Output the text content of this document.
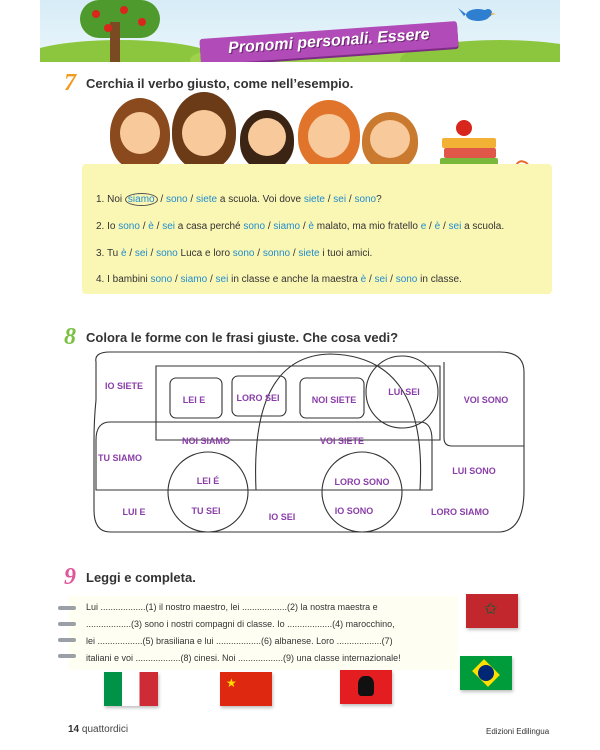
Pronomi personali. Essere
7 Cerchia il verbo giusto, come nell’esempio.
1. Noi siamo / sono / siete a scuola. Voi dove siete / sei / sono?
2. Io sono / è / sei a casa perché sono / siamo / è malato, ma mio fratello e / è / sei a scuola.
3. Tu è / sei / sono Luca e loro sono / sonno / siete i tuoi amici.
4. I bambini sono / siamo / sei in classe e anche la maestra è / sei / sono in classe.
8 Colora le forme con le frasi giuste. Che cosa vedi?
IO SIETE
LEI E	LORO SEI	NOI SIETE
LUI SEI
VOI SONO
NOI SIAMO	VOI SIETE
TU SIAMO
LUI SONO
LEI É	LORO SONO
LUI E	TU SEI
IO SEI
IO SONO	LORO SIAMO
9 Leggi e completa.
Lui ..................(1) il nostro maestro, lei ..................(2) la nostra maestra e
..................(3) sono i nostri compagni di classe. Io ..................(4) marocchino,
lei ..................(5) brasiliana e lui ..................(6) albanese. Loro ..................(7)
italiani e voi ..................(8) cinesi. Noi ..................(9) una classe internazionale!
✩
★
14 quattordici	Edizioni Edilingua
